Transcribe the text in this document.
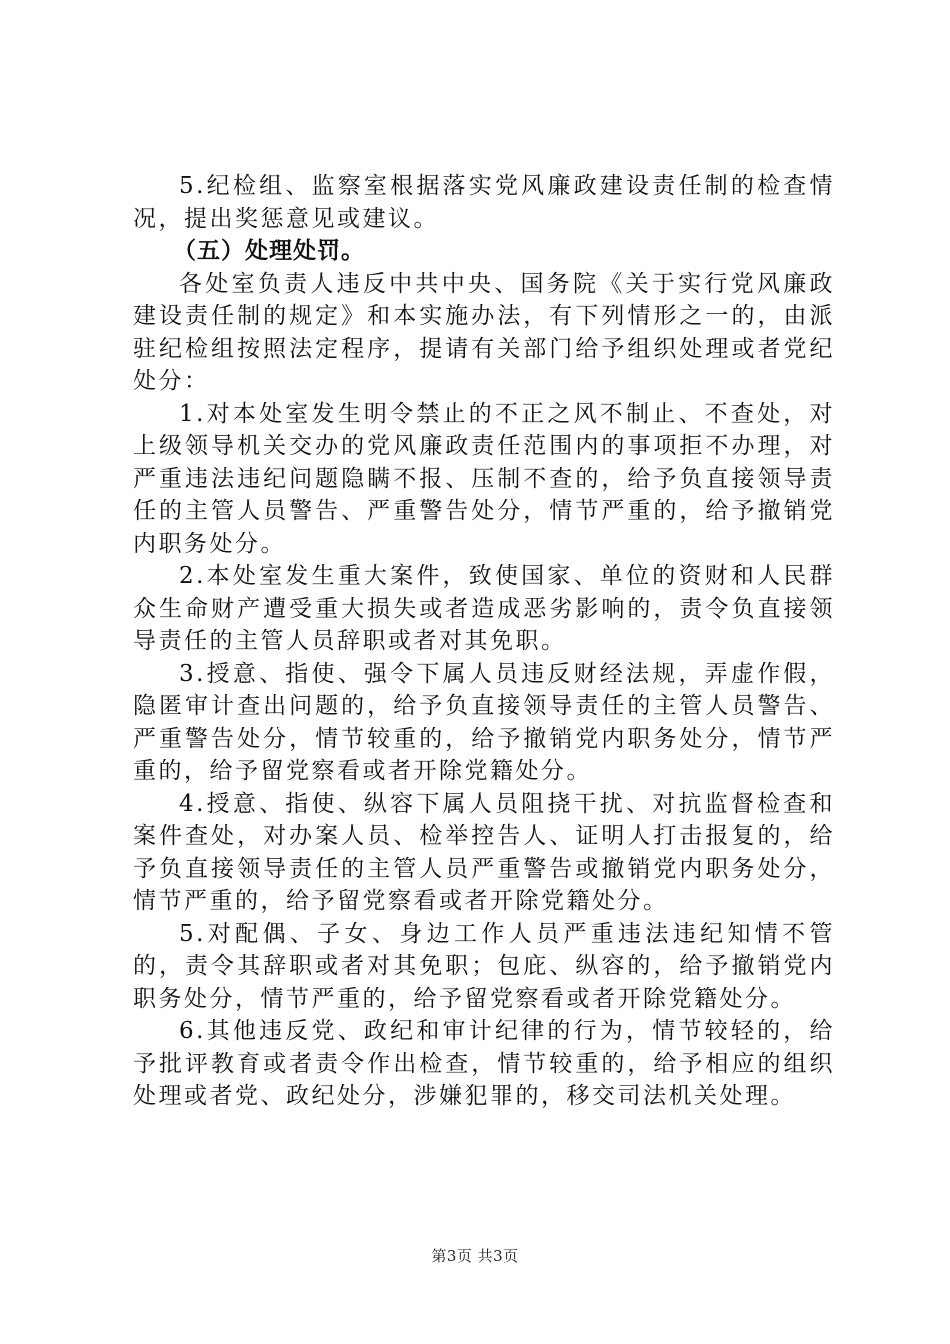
5.纪检组、监察室根据落实党风廉政建设责任制的检查情况，提出奖惩意见或建议。

（五）处理处罚。

各处室负责人违反中共中央、国务院《关于实行党风廉政建设责任制的规定》和本实施办法，有下列情形之一的，由派驻纪检组按照法定程序，提请有关部门给予组织处理或者党纪处分：

1.对本处室发生明令禁止的不正之风不制止、不查处，对上级领导机关交办的党风廉政责任范围内的事项拒不办理，对严重违法违纪问题隐瞒不报、压制不查的，给予负直接领导责任的主管人员警告、严重警告处分，情节严重的，给予撤销党内职务处分。

2.本处室发生重大案件，致使国家、单位的资财和人民群众生命财产遭受重大损失或者造成恶劣影响的，责令负直接领导责任的主管人员辞职或者对其免职。

3.授意、指使、强令下属人员违反财经法规，弄虚作假，隐匿审计查出问题的，给予负直接领导责任的主管人员警告、严重警告处分，情节较重的，给予撤销党内职务处分，情节严重的，给予留党察看或者开除党籍处分。

4.授意、指使、纵容下属人员阻挠干扰、对抗监督检查和案件查处，对办案人员、检举控告人、证明人打击报复的，给予负直接领导责任的主管人员严重警告或撤销党内职务处分，情节严重的，给予留党察看或者开除党籍处分。

5.对配偶、子女、身边工作人员严重违法违纪知情不管的，责令其辞职或者对其免职；包庇、纵容的，给予撤销党内职务处分，情节严重的，给予留党察看或者开除党籍处分。

6.其他违反党、政纪和审计纪律的行为，情节较轻的，给予批评教育或者责令作出检查，情节较重的，给予相应的组织处理或者党、政纪处分，涉嫌犯罪的，移交司法机关处理。

第3页 共3页
